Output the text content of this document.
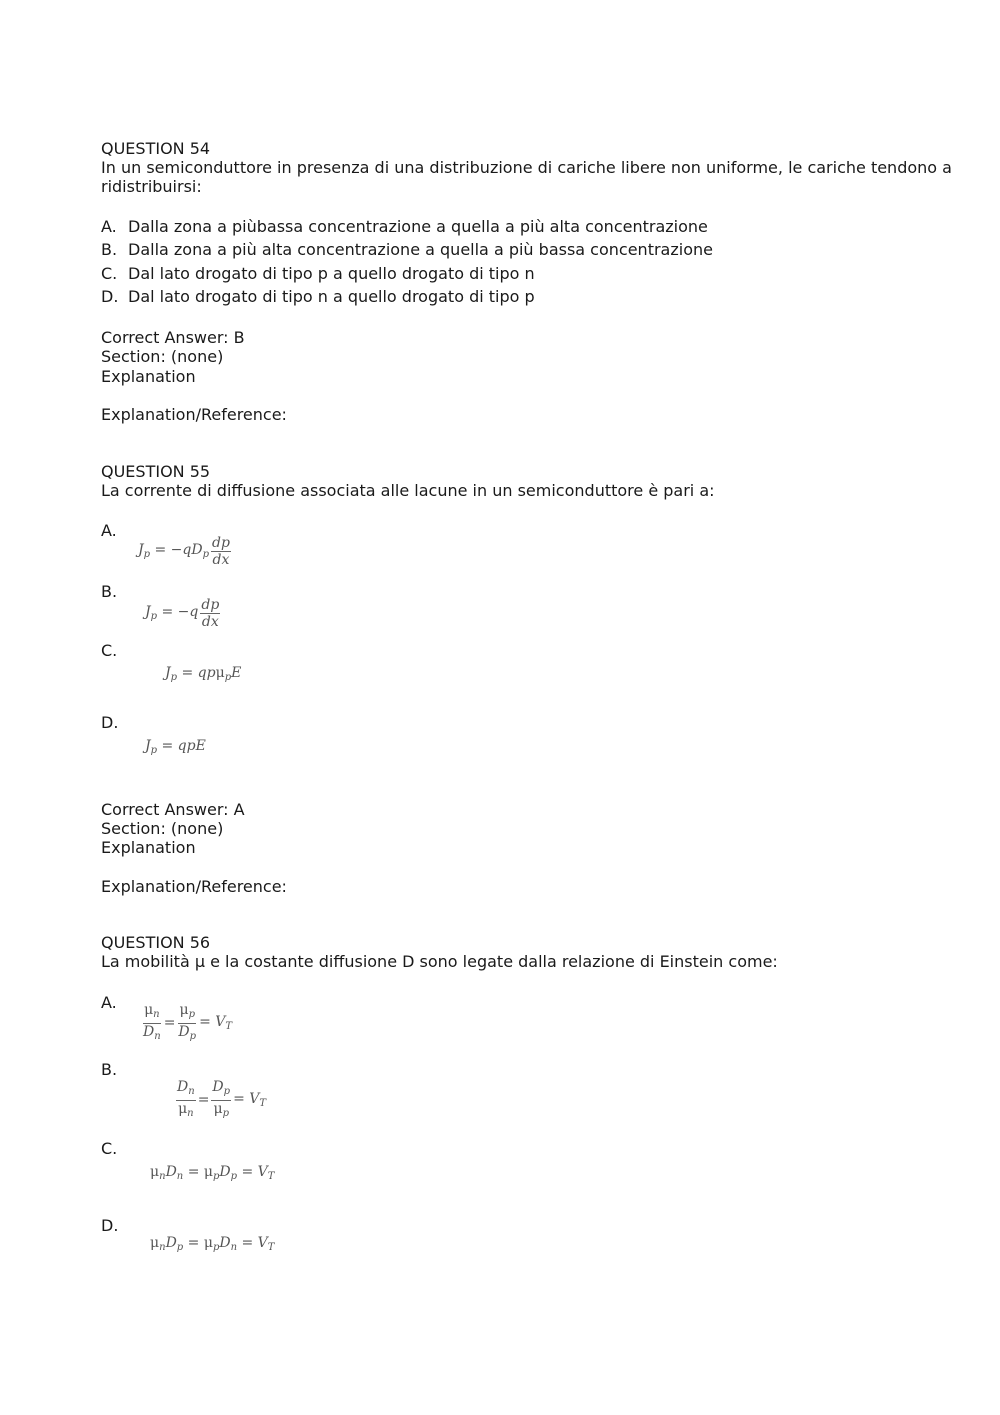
QUESTION 54
In un semiconduttore in presenza di una distribuzione di cariche libere non uniforme, le cariche tendono a ridistribuirsi:
A. Dalla zona a piùbassa concentrazione a quella a più alta concentrazione
B. Dalla zona a più alta concentrazione a quella a più bassa concentrazione
C. Dal lato drogato di tipo p a quello drogato di tipo n
D. Dal lato drogato di tipo n a quello drogato di tipo p
Correct Answer: B
Section: (none)
Explanation
Explanation/Reference:
QUESTION 55
La corrente di diffusione associata alle lacune in un semiconduttore è pari a:
A.
$J_p = -qD_p \frac{dp}{dx}$
B.
$J_p = -q \frac{dp}{dx}$
C.
$J_p = qp\mu_pE$
D.
$J_p$ = qpE
Correct Answer: A
Section: (none)
Explanation
Explanation/Reference:
QUESTION 56
La mobilità μ e la costante diffusione D sono legate dalla relazione di Einstein come:
A. $\frac{\mu_n}{D_n} = \frac{\mu_p}{D_p} = V_T$
B.
$\frac{D_n}{\mu_n} = \frac{D_p}{\mu_p} = V_T$
C.
$\mu_nD_n = \mu_pD_p = V_T$
D.
$\mu_nD_p = \mu_pD_n = V_T$
